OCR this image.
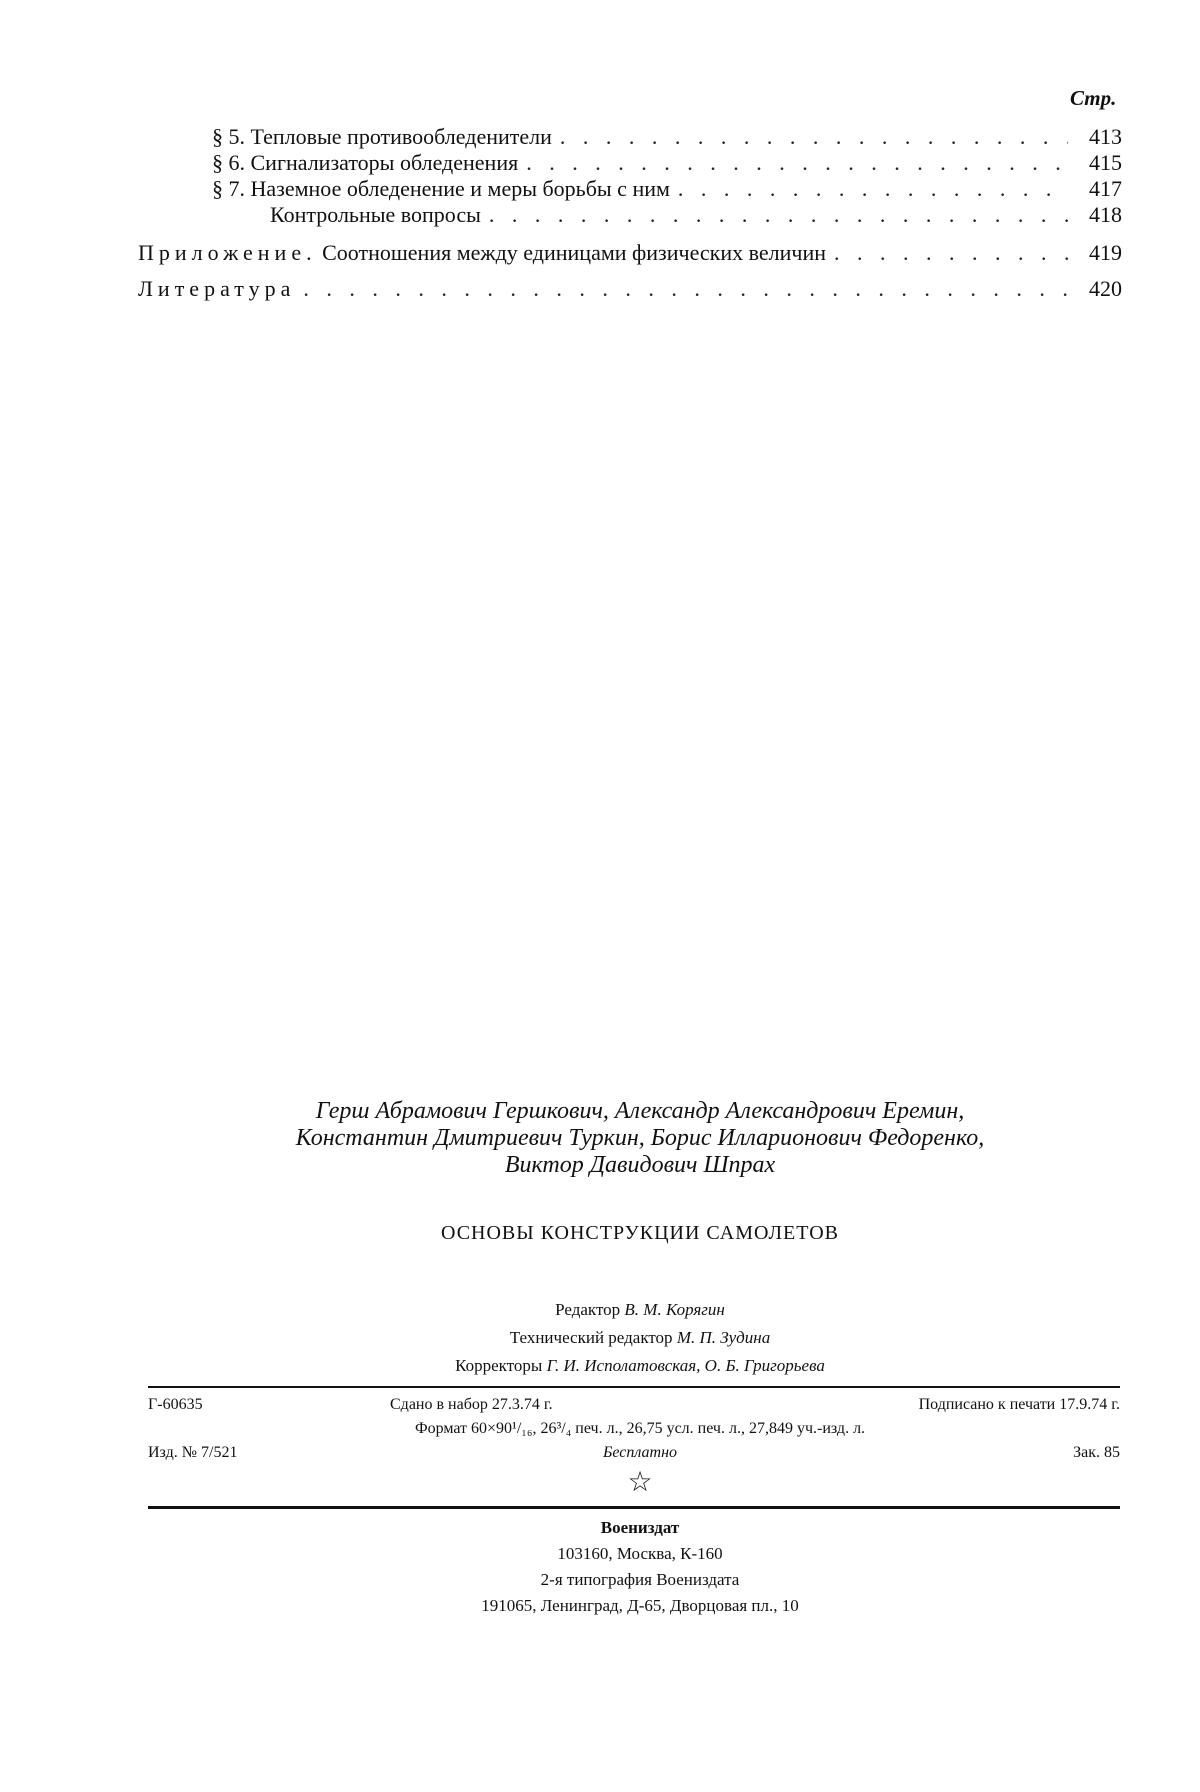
Стр.
§ 5. Тепловые противообледенители . . .	413
§ 6. Сигнализаторы обледенения . . .	415
§ 7. Наземное обледенение и меры борьбы с ним . . .	417
Контрольные вопросы . . .	418
Приложение. Соотношения между единицами физических величин . . .	419
Литература . . .	420
Герш Абрамович Гершкович, Александр Александрович Еремин,
Константин Дмитриевич Туркин, Борис Илларионович Федоренко,
Виктор Давидович Шпрах
ОСНОВЫ КОНСТРУКЦИИ САМОЛЕТОВ
Редактор В. М. Корягин
Технический редактор М. П. Зудина
Корректоры Г. И. Исполатовская, О. Б. Григорьева
Г-60635	Сдано в набор 27.3.74 г.	Подписано к печати 17.9.74 г.
Формат 60×90¹/₁₆, 26³/₄ печ. л., 26,75 усл. печ. л., 27,849 уч.-изд. л.
Изд. № 7/521	Бесплатно	Зак. 85
☆
Воениздат
103160, Москва, К-160
2-я типография Воениздата
191065, Ленинград, Д-65, Дворцовая пл., 10
